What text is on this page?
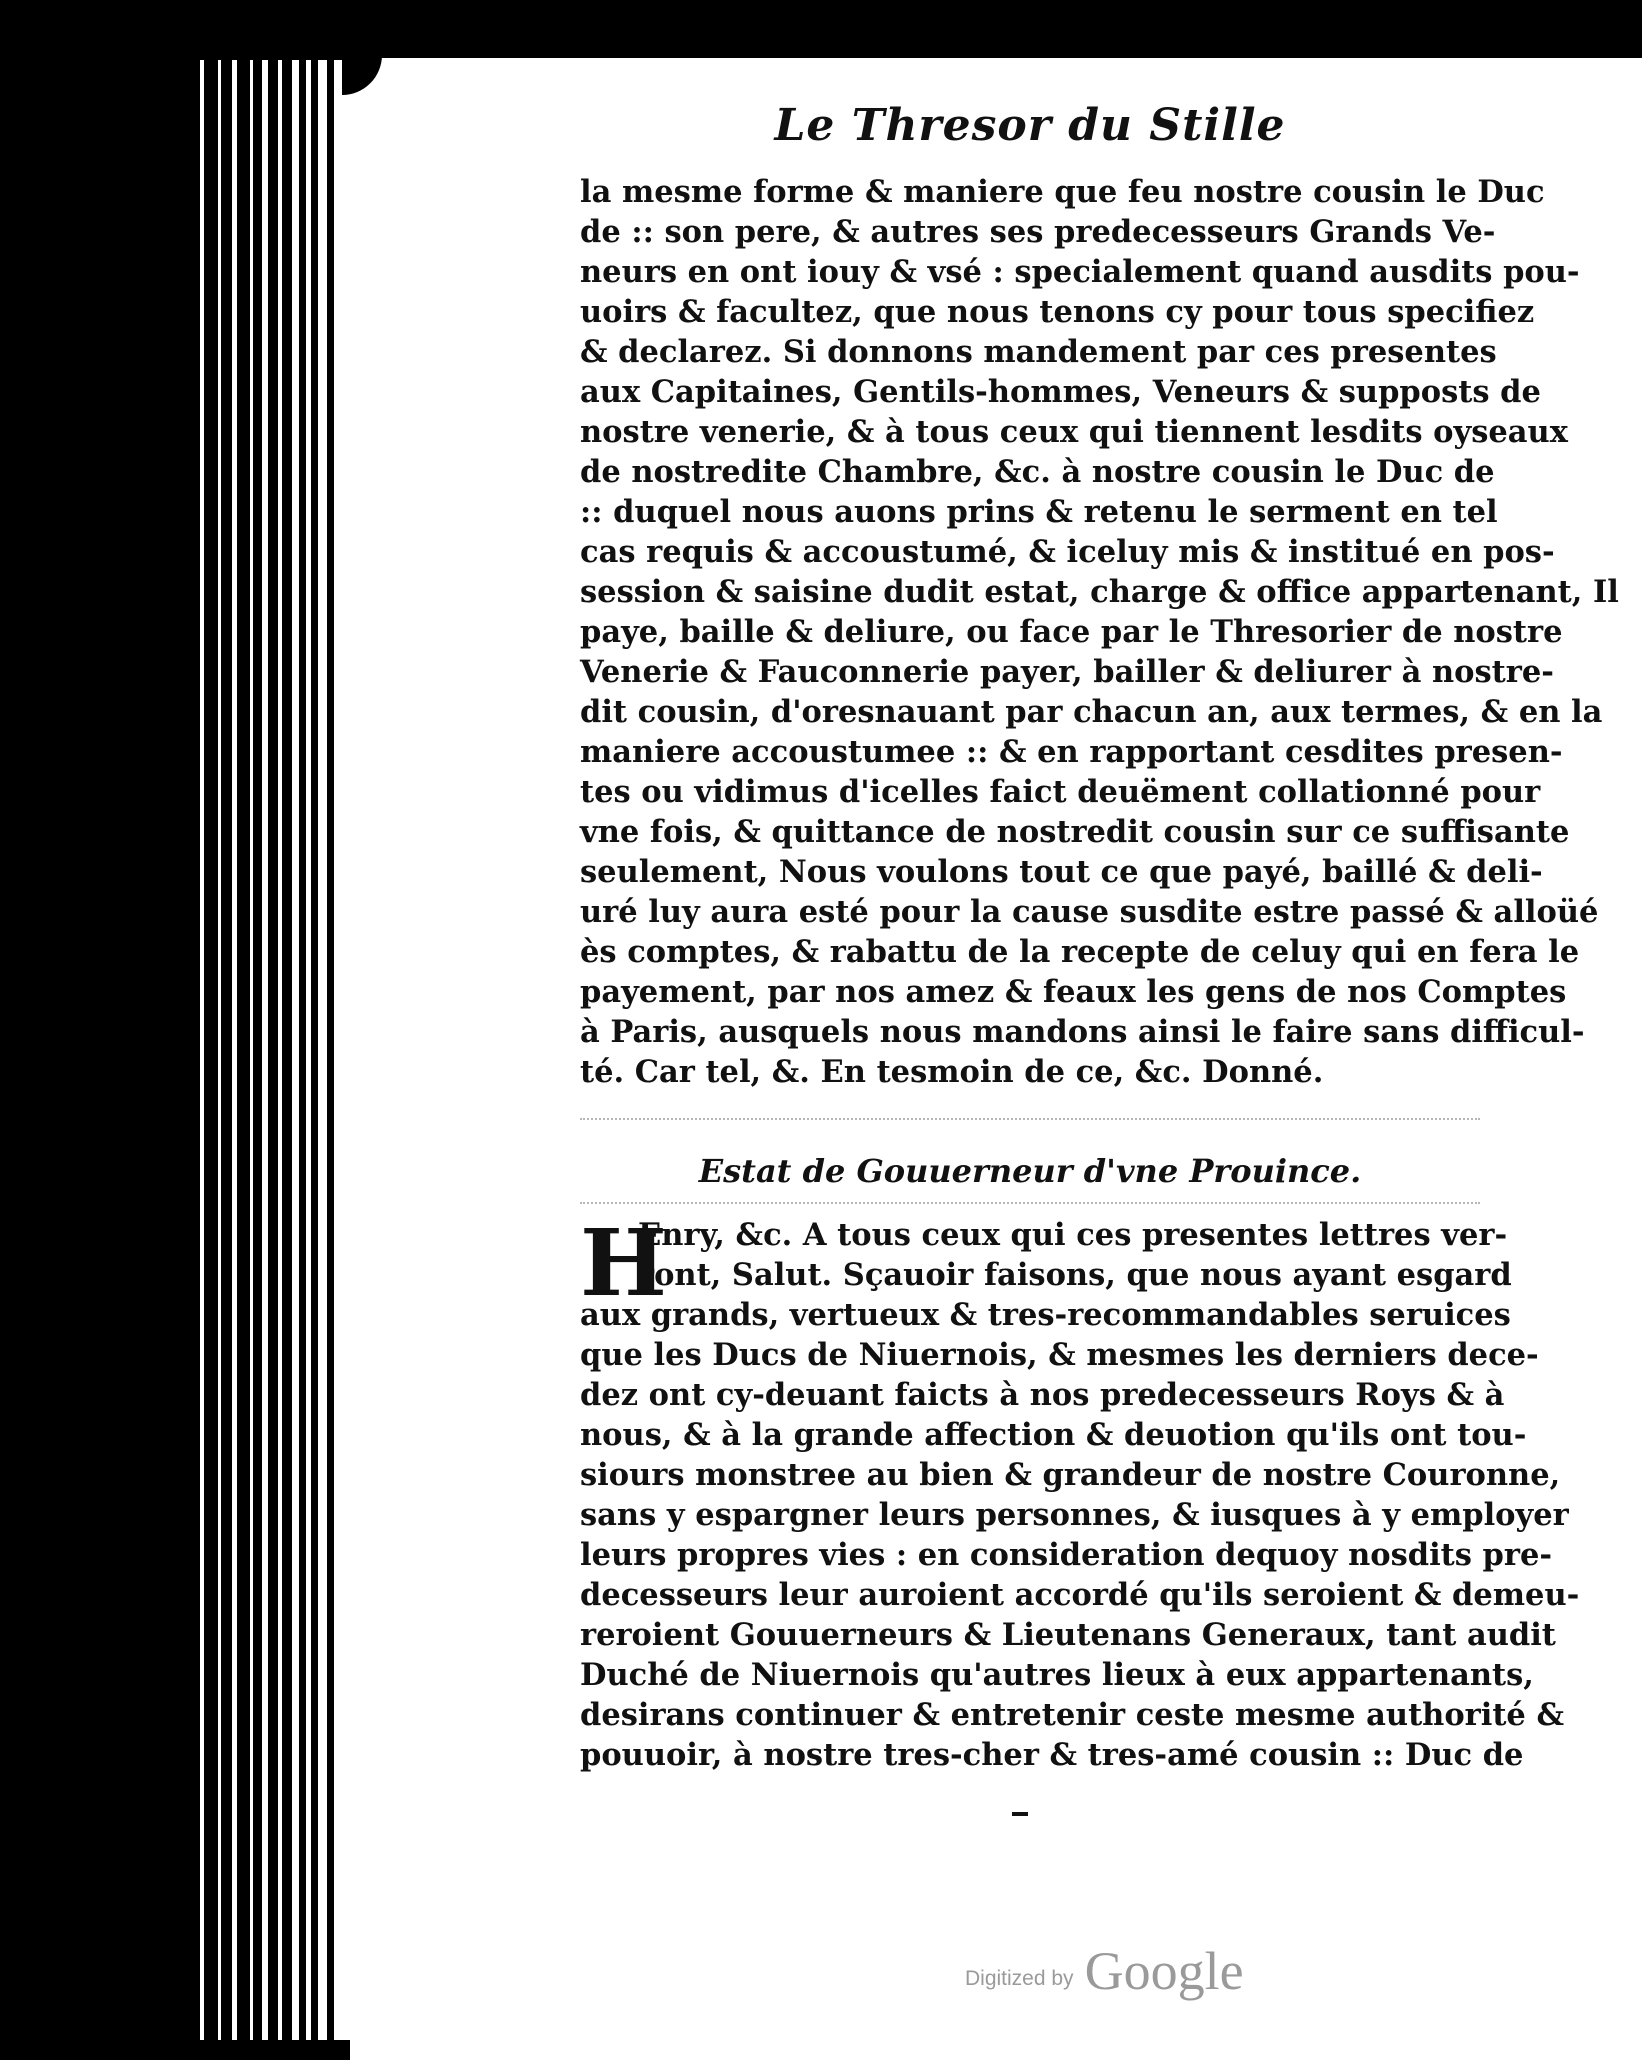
Le Thresor du Stille
la mesme forme & maniere que feu nostre cousin le Duc
de :: son pere, & autres ses predecesseurs Grands Ve-
neurs en ont iouy & vsé : specialement quand ausdits pou-
uoirs & facultez, que nous tenons cy pour tous specifiez
& declarez. Si donnons mandement par ces presentes
aux Capitaines, Gentils-hommes, Veneurs & supposts de
nostre venerie, & à tous ceux qui tiennent lesdits oyseaux
de nostredite Chambre, &c. à nostre cousin le Duc de
:: duquel nous auons prins & retenu le serment en tel
cas requis & accoustumé, & iceluy mis & institué en pos-
session & saisine dudit estat, charge & office appartenant, Il
paye, baille & deliure, ou face par le Thresorier de nostre
Venerie & Fauconnerie payer, bailler & deliurer à nostre-
dit cousin, d'oresnauant par chacun an, aux termes, & en la
maniere accoustumee :: & en rapportant cesdites presen-
tes ou vidimus d'icelles faict deuëment collationné pour
vne fois, & quittance de nostredit cousin sur ce suffisante
seulement, Nous voulons tout ce que payé, baillé & deli-
uré luy aura esté pour la cause susdite estre passé & alloüé
ès comptes, & rabattu de la recepte de celuy qui en fera le
payement, par nos amez & feaux les gens de nos Comptes
à Paris, ausquels nous mandons ainsi le faire sans difficul-
té. Car tel, &. En tesmoin de ce, &c. Donné.
Estat de Gouuerneur d'vne Prouince.
H
Enry, &c. A tous ceux qui ces presentes lettres ver-
ront, Salut. Sçauoir faisons, que nous ayant esgard
aux grands, vertueux & tres-recommandables seruices
que les Ducs de Niuernois, & mesmes les derniers dece-
dez ont cy-deuant faicts à nos predecesseurs Roys & à
nous, & à la grande affection & deuotion qu'ils ont tou-
siours monstree au bien & grandeur de nostre Couronne,
sans y espargner leurs personnes, & iusques à y employer
leurs propres vies : en consideration dequoy nosdits pre-
decesseurs leur auroient accordé qu'ils seroient & demeu-
reroient Gouuerneurs & Lieutenans Generaux, tant audit
Duché de Niuernois qu'autres lieux à eux appartenants,
desirans continuer & entretenir ceste mesme authorité &
pouuoir, à nostre tres-cher & tres-amé cousin :: Duc de
Digitized by Google
